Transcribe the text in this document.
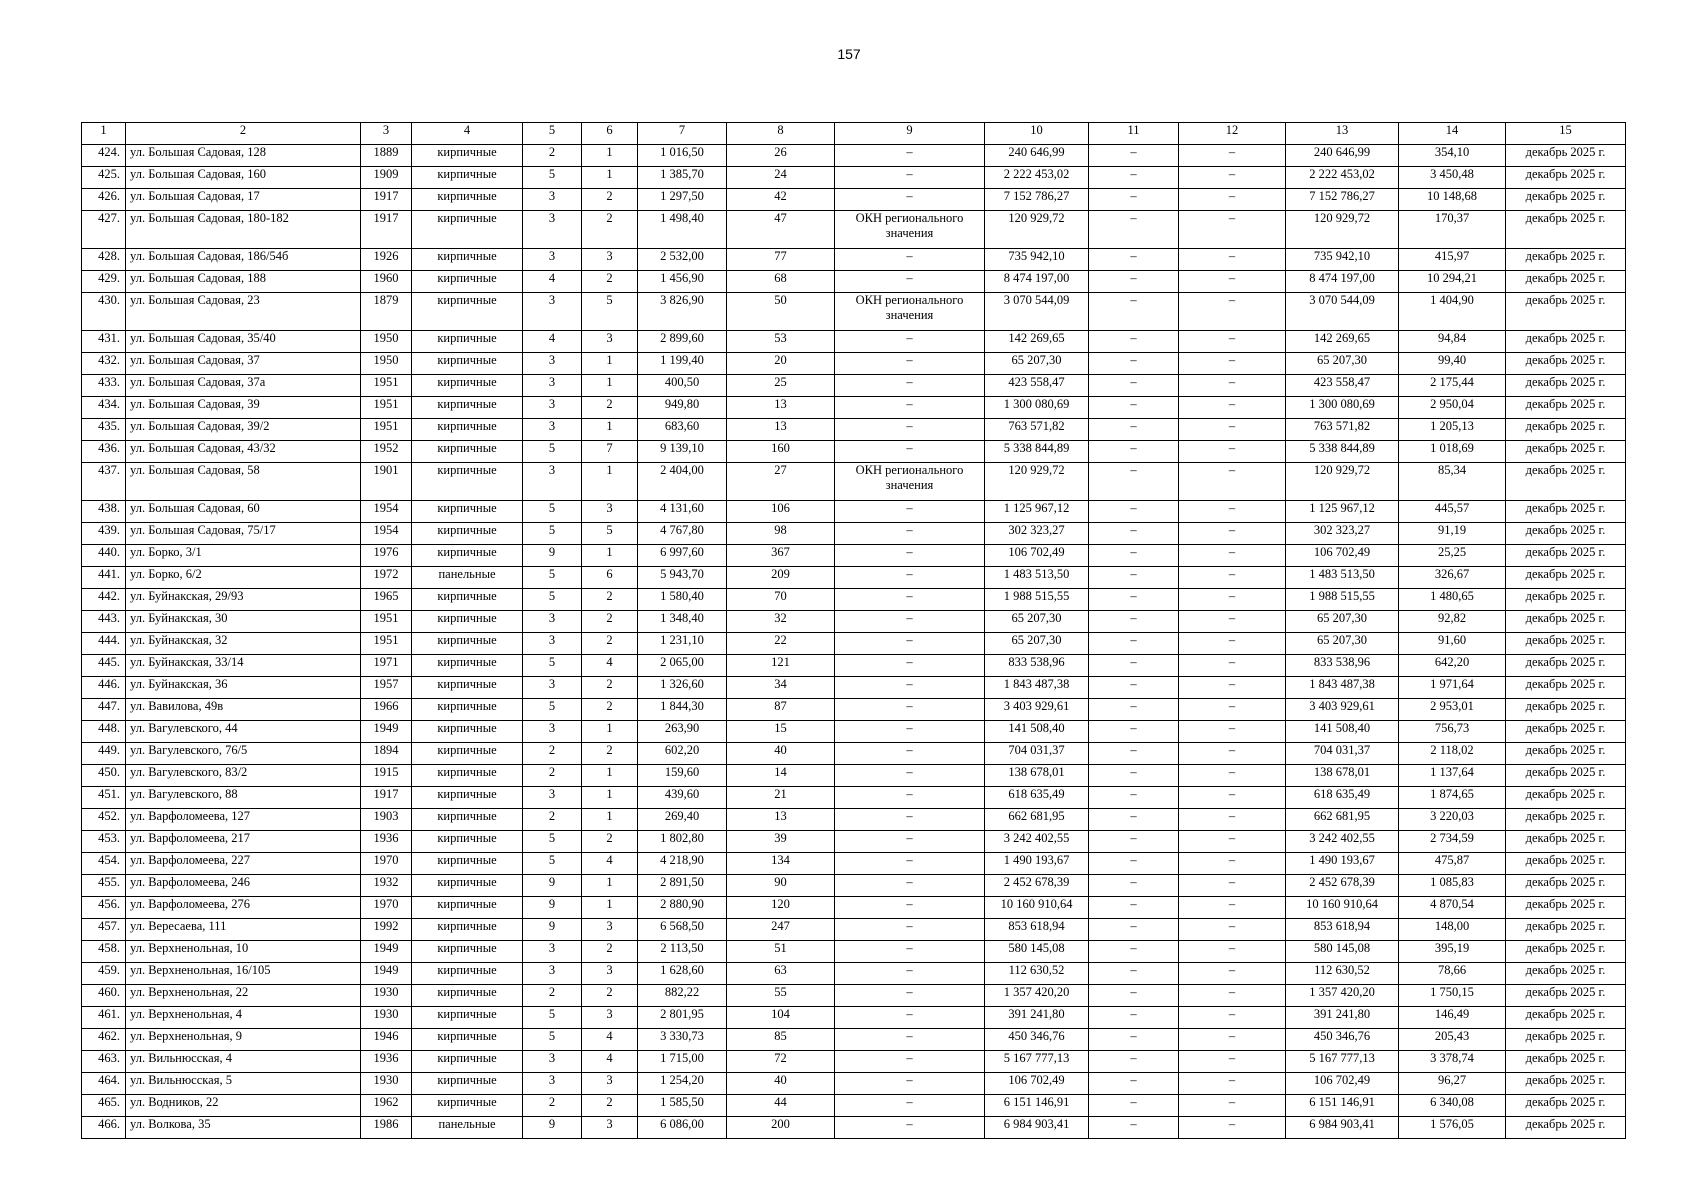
157
1	2	3	4	5	6	7	8	9	10	11	12	13	14	15
424.	ул. Большая Садовая, 128	1889	кирпичные	2	1	1 016,50	26	–	240 646,99	–	–	240 646,99	354,10	декабрь 2025 г.
425.	ул. Большая Садовая, 160	1909	кирпичные	5	1	1 385,70	24	–	2 222 453,02	–	–	2 222 453,02	3 450,48	декабрь 2025 г.
426.	ул. Большая Садовая, 17	1917	кирпичные	3	2	1 297,50	42	–	7 152 786,27	–	–	7 152 786,27	10 148,68	декабрь 2025 г.
427.	ул. Большая Садовая, 180-182	1917	кирпичные	3	2	1 498,40	47	ОКН регионального значения	120 929,72	–	–	120 929,72	170,37	декабрь 2025 г.
428.	ул. Большая Садовая, 186/54б	1926	кирпичные	3	3	2 532,00	77	–	735 942,10	–	–	735 942,10	415,97	декабрь 2025 г.
429.	ул. Большая Садовая, 188	1960	кирпичные	4	2	1 456,90	68	–	8 474 197,00	–	–	8 474 197,00	10 294,21	декабрь 2025 г.
430.	ул. Большая Садовая, 23	1879	кирпичные	3	5	3 826,90	50	ОКН регионального значения	3 070 544,09	–	–	3 070 544,09	1 404,90	декабрь 2025 г.
431.	ул. Большая Садовая, 35/40	1950	кирпичные	4	3	2 899,60	53	–	142 269,65	–	–	142 269,65	94,84	декабрь 2025 г.
432.	ул. Большая Садовая, 37	1950	кирпичные	3	1	1 199,40	20	–	65 207,30	–	–	65 207,30	99,40	декабрь 2025 г.
433.	ул. Большая Садовая, 37а	1951	кирпичные	3	1	400,50	25	–	423 558,47	–	–	423 558,47	2 175,44	декабрь 2025 г.
434.	ул. Большая Садовая, 39	1951	кирпичные	3	2	949,80	13	–	1 300 080,69	–	–	1 300 080,69	2 950,04	декабрь 2025 г.
435.	ул. Большая Садовая, 39/2	1951	кирпичные	3	1	683,60	13	–	763 571,82	–	–	763 571,82	1 205,13	декабрь 2025 г.
436.	ул. Большая Садовая, 43/32	1952	кирпичные	5	7	9 139,10	160	–	5 338 844,89	–	–	5 338 844,89	1 018,69	декабрь 2025 г.
437.	ул. Большая Садовая, 58	1901	кирпичные	3	1	2 404,00	27	ОКН регионального значения	120 929,72	–	–	120 929,72	85,34	декабрь 2025 г.
438.	ул. Большая Садовая, 60	1954	кирпичные	5	3	4 131,60	106	–	1 125 967,12	–	–	1 125 967,12	445,57	декабрь 2025 г.
439.	ул. Большая Садовая, 75/17	1954	кирпичные	5	5	4 767,80	98	–	302 323,27	–	–	302 323,27	91,19	декабрь 2025 г.
440.	ул. Борко, 3/1	1976	кирпичные	9	1	6 997,60	367	–	106 702,49	–	–	106 702,49	25,25	декабрь 2025 г.
441.	ул. Борко, 6/2	1972	панельные	5	6	5 943,70	209	–	1 483 513,50	–	–	1 483 513,50	326,67	декабрь 2025 г.
442.	ул. Буйнакская, 29/93	1965	кирпичные	5	2	1 580,40	70	–	1 988 515,55	–	–	1 988 515,55	1 480,65	декабрь 2025 г.
443.	ул. Буйнакская, 30	1951	кирпичные	3	2	1 348,40	32	–	65 207,30	–	–	65 207,30	92,82	декабрь 2025 г.
444.	ул. Буйнакская, 32	1951	кирпичные	3	2	1 231,10	22	–	65 207,30	–	–	65 207,30	91,60	декабрь 2025 г.
445.	ул. Буйнакская, 33/14	1971	кирпичные	5	4	2 065,00	121	–	833 538,96	–	–	833 538,96	642,20	декабрь 2025 г.
446.	ул. Буйнакская, 36	1957	кирпичные	3	2	1 326,60	34	–	1 843 487,38	–	–	1 843 487,38	1 971,64	декабрь 2025 г.
447.	ул. Вавилова, 49в	1966	кирпичные	5	2	1 844,30	87	–	3 403 929,61	–	–	3 403 929,61	2 953,01	декабрь 2025 г.
448.	ул. Вагулевского, 44	1949	кирпичные	3	1	263,90	15	–	141 508,40	–	–	141 508,40	756,73	декабрь 2025 г.
449.	ул. Вагулевского, 76/5	1894	кирпичные	2	2	602,20	40	–	704 031,37	–	–	704 031,37	2 118,02	декабрь 2025 г.
450.	ул. Вагулевского, 83/2	1915	кирпичные	2	1	159,60	14	–	138 678,01	–	–	138 678,01	1 137,64	декабрь 2025 г.
451.	ул. Вагулевского, 88	1917	кирпичные	3	1	439,60	21	–	618 635,49	–	–	618 635,49	1 874,65	декабрь 2025 г.
452.	ул. Варфоломеева, 127	1903	кирпичные	2	1	269,40	13	–	662 681,95	–	–	662 681,95	3 220,03	декабрь 2025 г.
453.	ул. Варфоломеева, 217	1936	кирпичные	5	2	1 802,80	39	–	3 242 402,55	–	–	3 242 402,55	2 734,59	декабрь 2025 г.
454.	ул. Варфоломеева, 227	1970	кирпичные	5	4	4 218,90	134	–	1 490 193,67	–	–	1 490 193,67	475,87	декабрь 2025 г.
455.	ул. Варфоломеева, 246	1932	кирпичные	9	1	2 891,50	90	–	2 452 678,39	–	–	2 452 678,39	1 085,83	декабрь 2025 г.
456.	ул. Варфоломеева, 276	1970	кирпичные	9	1	2 880,90	120	–	10 160 910,64	–	–	10 160 910,64	4 870,54	декабрь 2025 г.
457.	ул. Вересаева, 111	1992	кирпичные	9	3	6 568,50	247	–	853 618,94	–	–	853 618,94	148,00	декабрь 2025 г.
458.	ул. Верхненольная, 10	1949	кирпичные	3	2	2 113,50	51	–	580 145,08	–	–	580 145,08	395,19	декабрь 2025 г.
459.	ул. Верхненольная, 16/105	1949	кирпичные	3	3	1 628,60	63	–	112 630,52	–	–	112 630,52	78,66	декабрь 2025 г.
460.	ул. Верхненольная, 22	1930	кирпичные	2	2	882,22	55	–	1 357 420,20	–	–	1 357 420,20	1 750,15	декабрь 2025 г.
461.	ул. Верхненольная, 4	1930	кирпичные	5	3	2 801,95	104	–	391 241,80	–	–	391 241,80	146,49	декабрь 2025 г.
462.	ул. Верхненольная, 9	1946	кирпичные	5	4	3 330,73	85	–	450 346,76	–	–	450 346,76	205,43	декабрь 2025 г.
463.	ул. Вильнюсская, 4	1936	кирпичные	3	4	1 715,00	72	–	5 167 777,13	–	–	5 167 777,13	3 378,74	декабрь 2025 г.
464.	ул. Вильнюсская, 5	1930	кирпичные	3	3	1 254,20	40	–	106 702,49	–	–	106 702,49	96,27	декабрь 2025 г.
465.	ул. Водников, 22	1962	кирпичные	2	2	1 585,50	44	–	6 151 146,91	–	–	6 151 146,91	6 340,08	декабрь 2025 г.
466.	ул. Волкова, 35	1986	панельные	9	3	6 086,00	200	–	6 984 903,41	–	–	6 984 903,41	1 576,05	декабрь 2025 г.
